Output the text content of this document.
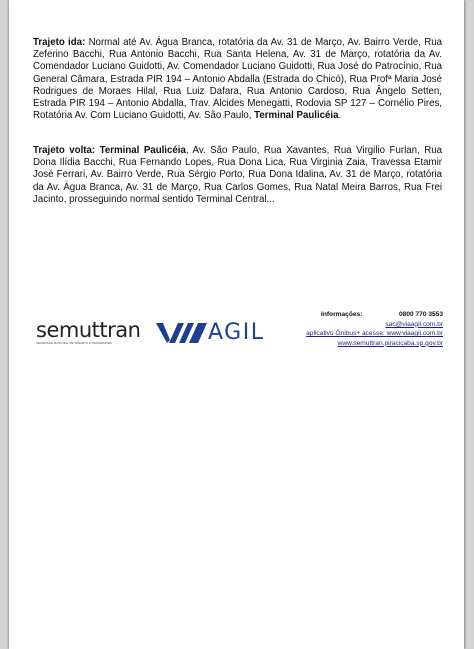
Trajeto ida: Normal até Av. Água Branca, rotatória da Av. 31 de Março, Av. Bairro Verde, Rua Zeferino Bacchi, Rua Antonio Bacchi, Rua Santa Helena, Av. 31 de Março, rotatória da Av. Comendador Luciano Guidotti, Av. Comendador Luciano Guidotti, Rua José do Patrocínio, Rua General Câmara, Estrada PIR 194 – Antonio Abdalla (Estrada do Chicó), Rua Profª Maria José Rodrigues de Moraes Hilal, Rua Luiz Dafara, Rua Antonio Cardoso, Rua Ângelo Setten, Estrada PIR 194 – Antonio Abdalla, Trav. Alcides Menegatti, Rodovia SP 127 – Cornélio Pires, Rotatória Av. Com Luciano Guidotti, Av. São Paulo, Terminal Paulicéia.

Trajeto volta: Terminal Paulicéia, Av. São Paulo, Rua Xavantes, Rua Virgilio Furlan, Rua Dona Ilídia Bacchi, Rua Fernando Lopes, Rua Dona Lica, Rua Virginia Zaia, Travessa Etamir José Ferrari, Av. Bairro Verde, Rua Sérgio Porto, Rua Dona Idalina, Av. 31 de Março, rotatória da Av. Água Branca, Av. 31 de Março, Rua Carlos Gomes, Rua Natal Meira Barros, Rua Frei Jacinto, prosseguindo normal sentido Terminal Central...

semuttran
SECRETARIA MUNICIPAL DE TRÂNSITO E TRANSPORTES	AGIL
Informações:	0800 770 3553
sac@viaagil.com.br
aplicativo Ônibus+ acesse: www.viaagil.com.br
www.semuttran.piracicaba.sp.gov.br
